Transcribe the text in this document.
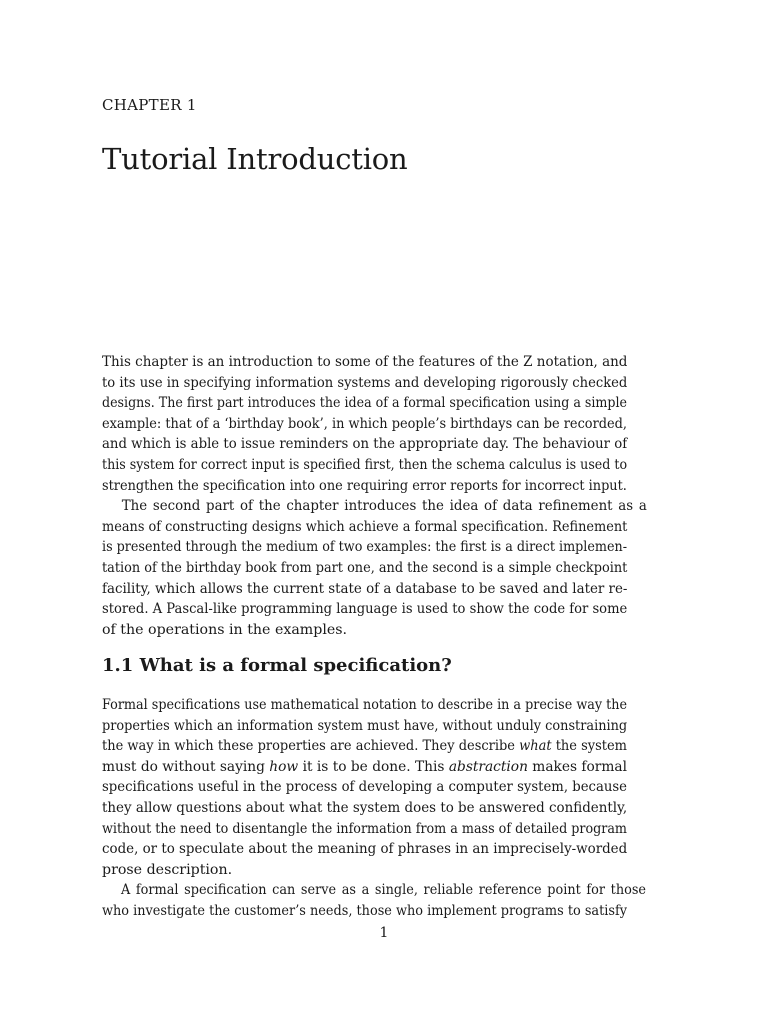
CHAPTER 1
Tutorial Introduction
This chapter is an introduction to some of the features of the Z notation, and
to its use in specifying information systems and developing rigorously checked
designs. The first part introduces the idea of a formal specification using a simple
example: that of a ‘birthday book’, in which people’s birthdays can be recorded,
and which is able to issue reminders on the appropriate day. The behaviour of
this system for correct input is specified first, then the schema calculus is used to
strengthen the specification into one requiring error reports for incorrect input.
The second part of the chapter introduces the idea of data refinement as a
means of constructing designs which achieve a formal specification. Refinement
is presented through the medium of two examples: the first is a direct implemen-
tation of the birthday book from part one, and the second is a simple checkpoint
facility, which allows the current state of a database to be saved and later re-
stored. A Pascal-like programming language is used to show the code for some
of the operations in the examples.
1.1 What is a formal specification?
Formal specifications use mathematical notation to describe in a precise way the
properties which an information system must have, without unduly constraining
the way in which these properties are achieved. They describe what the system
must do without saying how it is to be done. This abstraction makes formal
specifications useful in the process of developing a computer system, because
they allow questions about what the system does to be answered confidently,
without the need to disentangle the information from a mass of detailed program
code, or to speculate about the meaning of phrases in an imprecisely-worded
prose description.
A formal specification can serve as a single, reliable reference point for those
who investigate the customer’s needs, those who implement programs to satisfy
1
